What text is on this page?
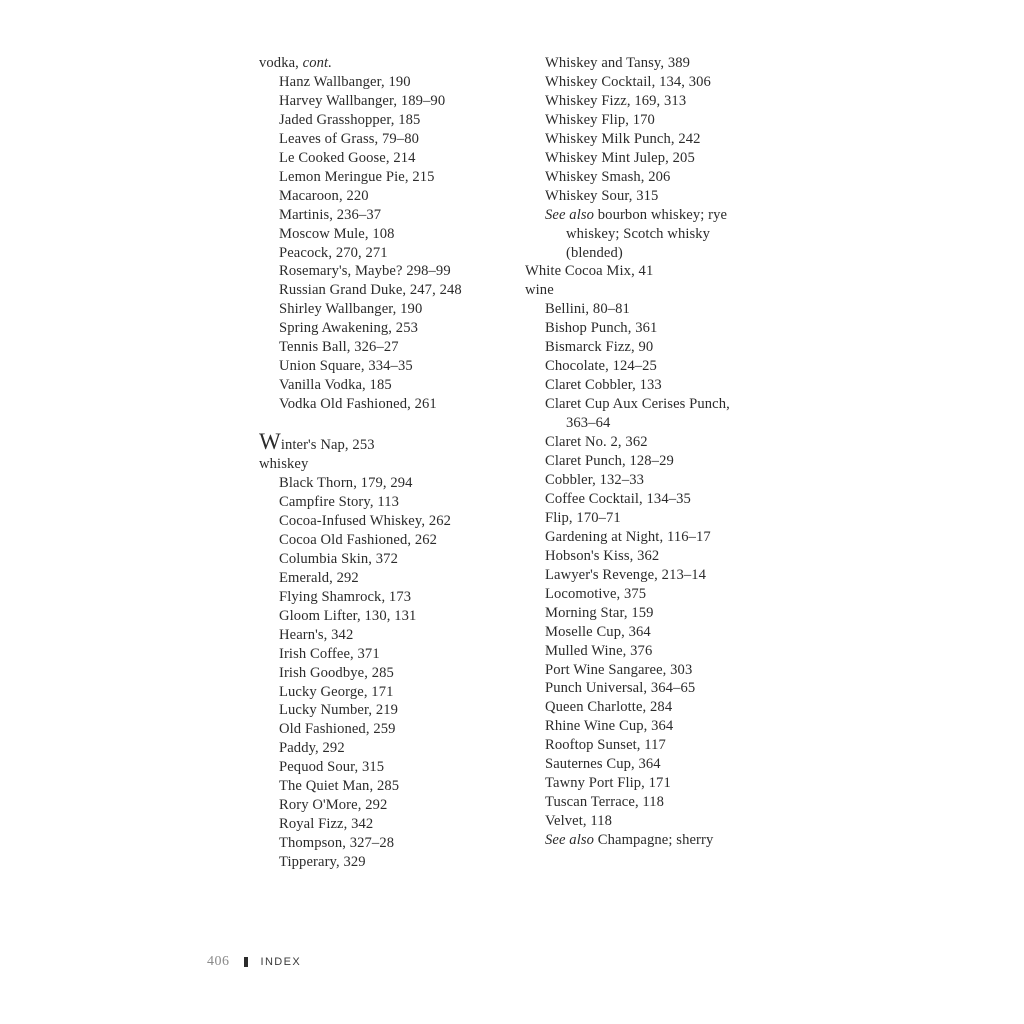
vodka, cont.
Hanz Wallbanger, 190
Harvey Wallbanger, 189–90
Jaded Grasshopper, 185
Leaves of Grass, 79–80
Le Cooked Goose, 214
Lemon Meringue Pie, 215
Macaroon, 220
Martinis, 236–37
Moscow Mule, 108
Peacock, 270, 271
Rosemary's, Maybe? 298–99
Russian Grand Duke, 247, 248
Shirley Wallbanger, 190
Spring Awakening, 253
Tennis Ball, 326–27
Union Square, 334–35
Vanilla Vodka, 185
Vodka Old Fashioned, 261
Winter's Nap, 253
whiskey
Black Thorn, 179, 294
Campfire Story, 113
Cocoa-Infused Whiskey, 262
Cocoa Old Fashioned, 262
Columbia Skin, 372
Emerald, 292
Flying Shamrock, 173
Gloom Lifter, 130, 131
Hearn's, 342
Irish Coffee, 371
Irish Goodbye, 285
Lucky George, 171
Lucky Number, 219
Old Fashioned, 259
Paddy, 292
Pequod Sour, 315
The Quiet Man, 285
Rory O'More, 292
Royal Fizz, 342
Thompson, 327–28
Tipperary, 329
Whiskey and Tansy, 389
Whiskey Cocktail, 134, 306
Whiskey Fizz, 169, 313
Whiskey Flip, 170
Whiskey Milk Punch, 242
Whiskey Mint Julep, 205
Whiskey Smash, 206
Whiskey Sour, 315
See also bourbon whiskey; rye
whiskey; Scotch whisky
(blended)
White Cocoa Mix, 41
wine
Bellini, 80–81
Bishop Punch, 361
Bismarck Fizz, 90
Chocolate, 124–25
Claret Cobbler, 133
Claret Cup Aux Cerises Punch,
363–64
Claret No. 2, 362
Claret Punch, 128–29
Cobbler, 132–33
Coffee Cocktail, 134–35
Flip, 170–71
Gardening at Night, 116–17
Hobson's Kiss, 362
Lawyer's Revenge, 213–14
Locomotive, 375
Morning Star, 159
Moselle Cup, 364
Mulled Wine, 376
Port Wine Sangaree, 303
Punch Universal, 364–65
Queen Charlotte, 284
Rhine Wine Cup, 364
Rooftop Sunset, 117
Sauternes Cup, 364
Tawny Port Flip, 171
Tuscan Terrace, 118
Velvet, 118
See also Champagne; sherry
406	INDEX
